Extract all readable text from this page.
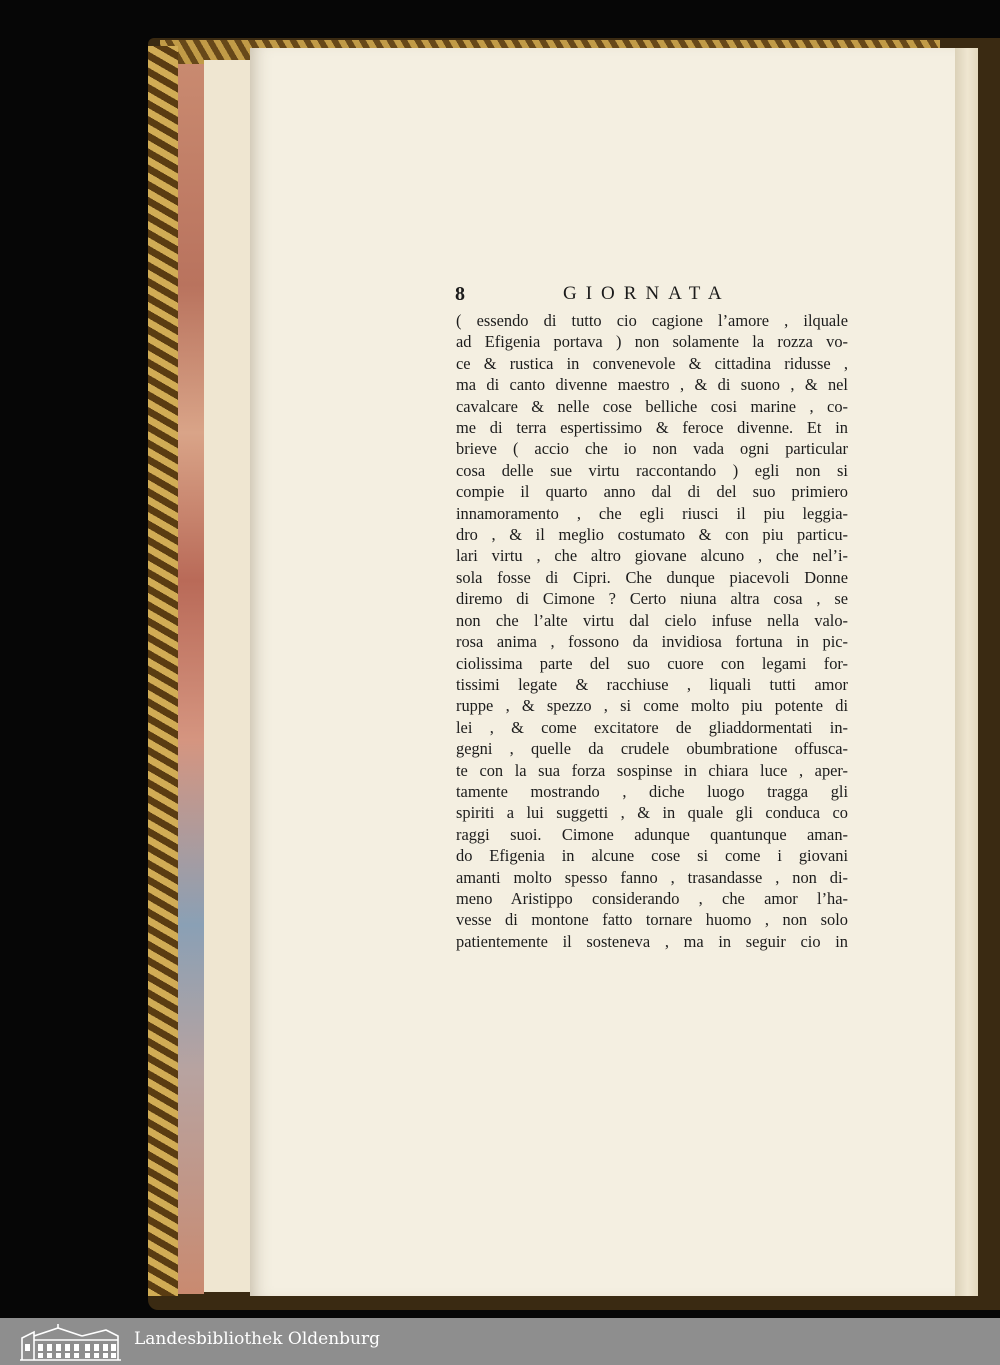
8	GIORNATA
( essendo di tutto cio cagione l’amore , ilquale
ad Efigenia portava ) non solamente la rozza vo-
ce & rustica in convenevole & cittadina ridusse ,
ma di canto divenne maestro , & di suono , & nel
cavalcare & nelle cose belliche cosi marine , co-
me di terra espertissimo & feroce divenne. Et in
brieve ( accio che io non vada ogni particular
cosa delle sue virtu raccontando ) egli non si
compie il quarto anno dal di del suo primiero
innamoramento , che egli riusci il piu leggia-
dro , & il meglio costumato & con piu particu-
lari virtu , che altro giovane alcuno , che nel’i-
sola fosse di Cipri. Che dunque piacevoli Donne
diremo di Cimone ? Certo niuna altra cosa , se
non che l’alte virtu dal cielo infuse nella valo-
rosa anima , fossono da invidiosa fortuna in pic-
ciolissima parte del suo cuore con legami for-
tissimi legate & racchiuse , liquali tutti amor
ruppe , & spezzo , si come molto piu potente di
lei , & come excitatore de gliaddormentati in-
gegni , quelle da crudele obumbratione offusca-
te con la sua forza sospinse in chiara luce , aper-
tamente mostrando , diche luogo tragga gli
spiriti a lui suggetti , & in quale gli conduca co
raggi suoi. Cimone adunque quantunque aman-
do Efigenia in alcune cose si come i giovani
amanti molto spesso fanno , trasandasse , non di-
meno Aristippo considerando , che amor l’ha-
vesse di montone fatto tornare huomo , non solo
patientemente il sosteneva , ma in seguir cio in
Landesbibliothek Oldenburg
